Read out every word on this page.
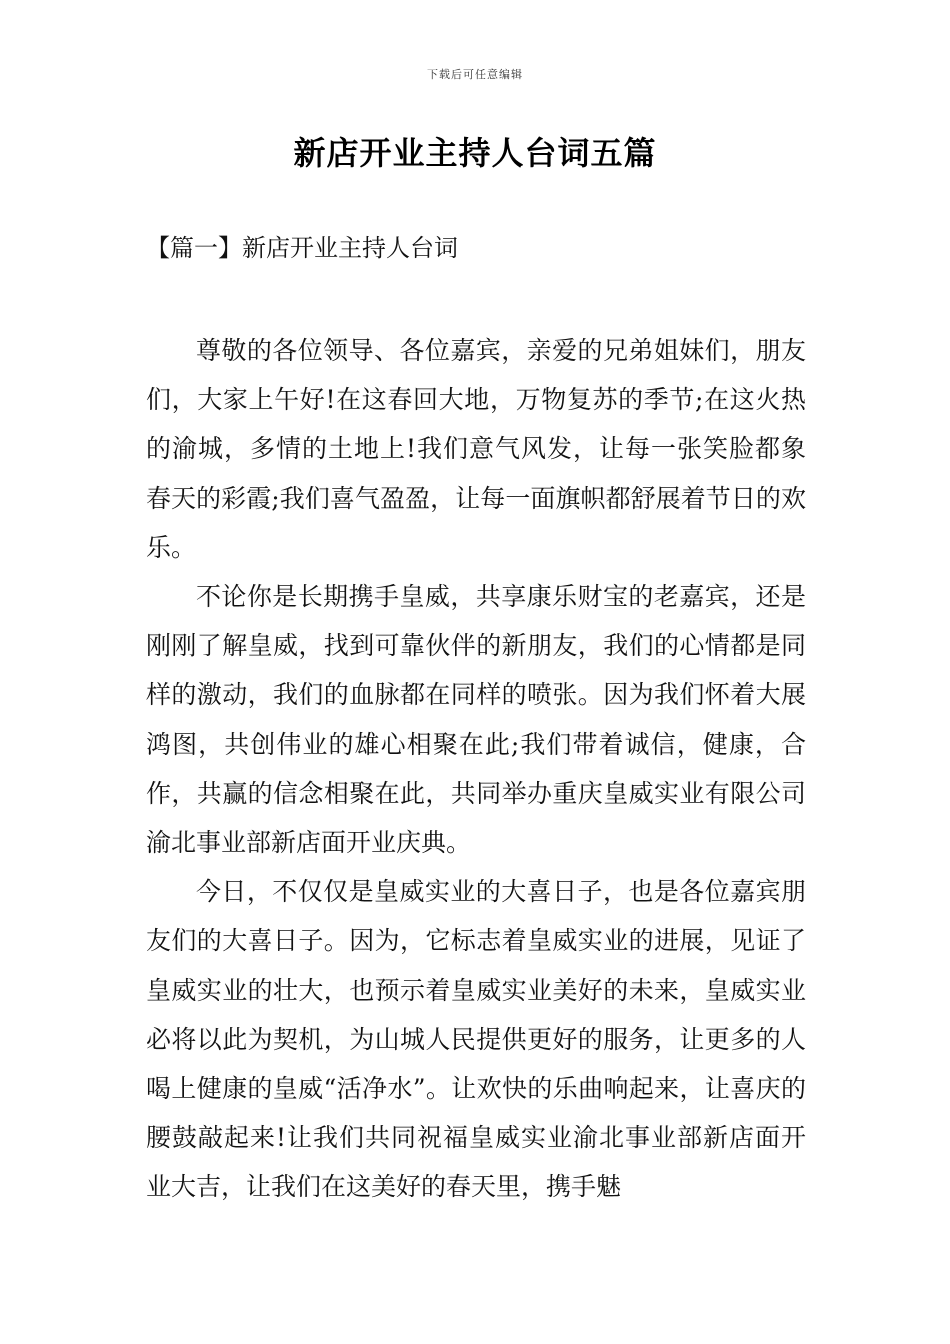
下载后可任意编辑
新店开业主持人台词五篇
【篇一】新店开业主持人台词

尊敬的各位领导、各位嘉宾，亲爱的兄弟姐妹们，朋友们，大家上午好!在这春回大地，万物复苏的季节;在这火热的渝城，多情的土地上!我们意气风发，让每一张笑脸都象春天的彩霞;我们喜气盈盈，让每一面旗帜都舒展着节日的欢乐。

不论你是长期携手皇威，共享康乐财宝的老嘉宾，还是刚刚了解皇威，找到可靠伙伴的新朋友，我们的心情都是同样的激动，我们的血脉都在同样的喷张。因为我们怀着大展鸿图，共创伟业的雄心相聚在此;我们带着诚信，健康，合作，共赢的信念相聚在此，共同举办重庆皇威实业有限公司渝北事业部新店面开业庆典。

今日，不仅仅是皇威实业的大喜日子，也是各位嘉宾朋友们的大喜日子。因为，它标志着皇威实业的进展，见证了皇威实业的壮大，也预示着皇威实业美好的未来，皇威实业必将以此为契机，为山城人民提供更好的服务，让更多的人喝上健康的皇威“活净水”。让欢快的乐曲响起来，让喜庆的腰鼓敲起来!让我们共同祝福皇威实业渝北事业部新店面开业大吉，让我们在这美好的春天里，携手魅
